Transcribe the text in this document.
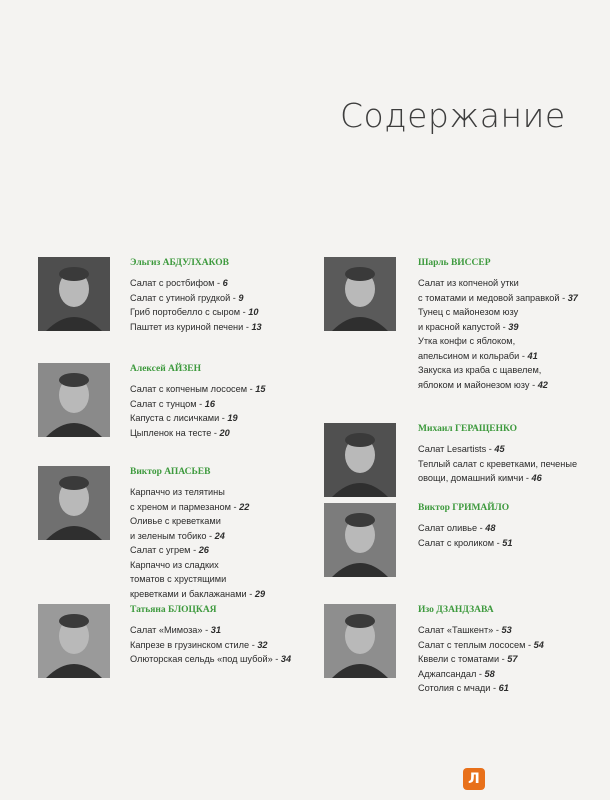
Содержание

Эльгиз АБДУЛХАКОВ

Салат с ростбифом - 6
Салат с утиной грудкой - 9
Гриб портобелло с сыром - 10
Паштет из куриной печени - 13

Алексей АЙЗЕН

Салат с копченым лососем - 15
Салат с тунцом - 16
Капуста с лисичками - 19
Цыпленок на тесте - 20

Виктор АПАСЬЕВ

Карпаччо из телятины
с хреном и пармезаном - 22
Оливье с креветками
и зеленым тобико - 24
Салат с угрем - 26
Карпаччо из сладких
томатов с хрустящими
креветками и баклажанами - 29

Татьяна БЛОЦКАЯ

Салат «Мимоза» - 31
Капрезе в грузинском стиле - 32
Олюторская сельдь «под шубой» - 34

Шарль ВИССЕР

Салат из копченой утки
с томатами и медовой заправкой - 37
Тунец с майонезом юзу
и красной капустой - 39
Утка конфи с яблоком,
апельсином и кольраби - 41
Закуска из краба с щавелем,
яблоком и майонезом юзу - 42

Михаил ГЕРАЩЕНКО

Салат Lesartists - 45
Теплый салат с креветками, печеные
овощи, домашний кимчи - 46

Виктор ГРИМАЙЛО

Салат оливье - 48
Салат с кроликом - 51

Изо ДЗАНДЗАВА

Салат «Ташкент» - 53
Салат с теплым лососем - 54
Кввели с томатами - 57
Аджапсандал - 58
Сотолия с мчади - 61
Л
